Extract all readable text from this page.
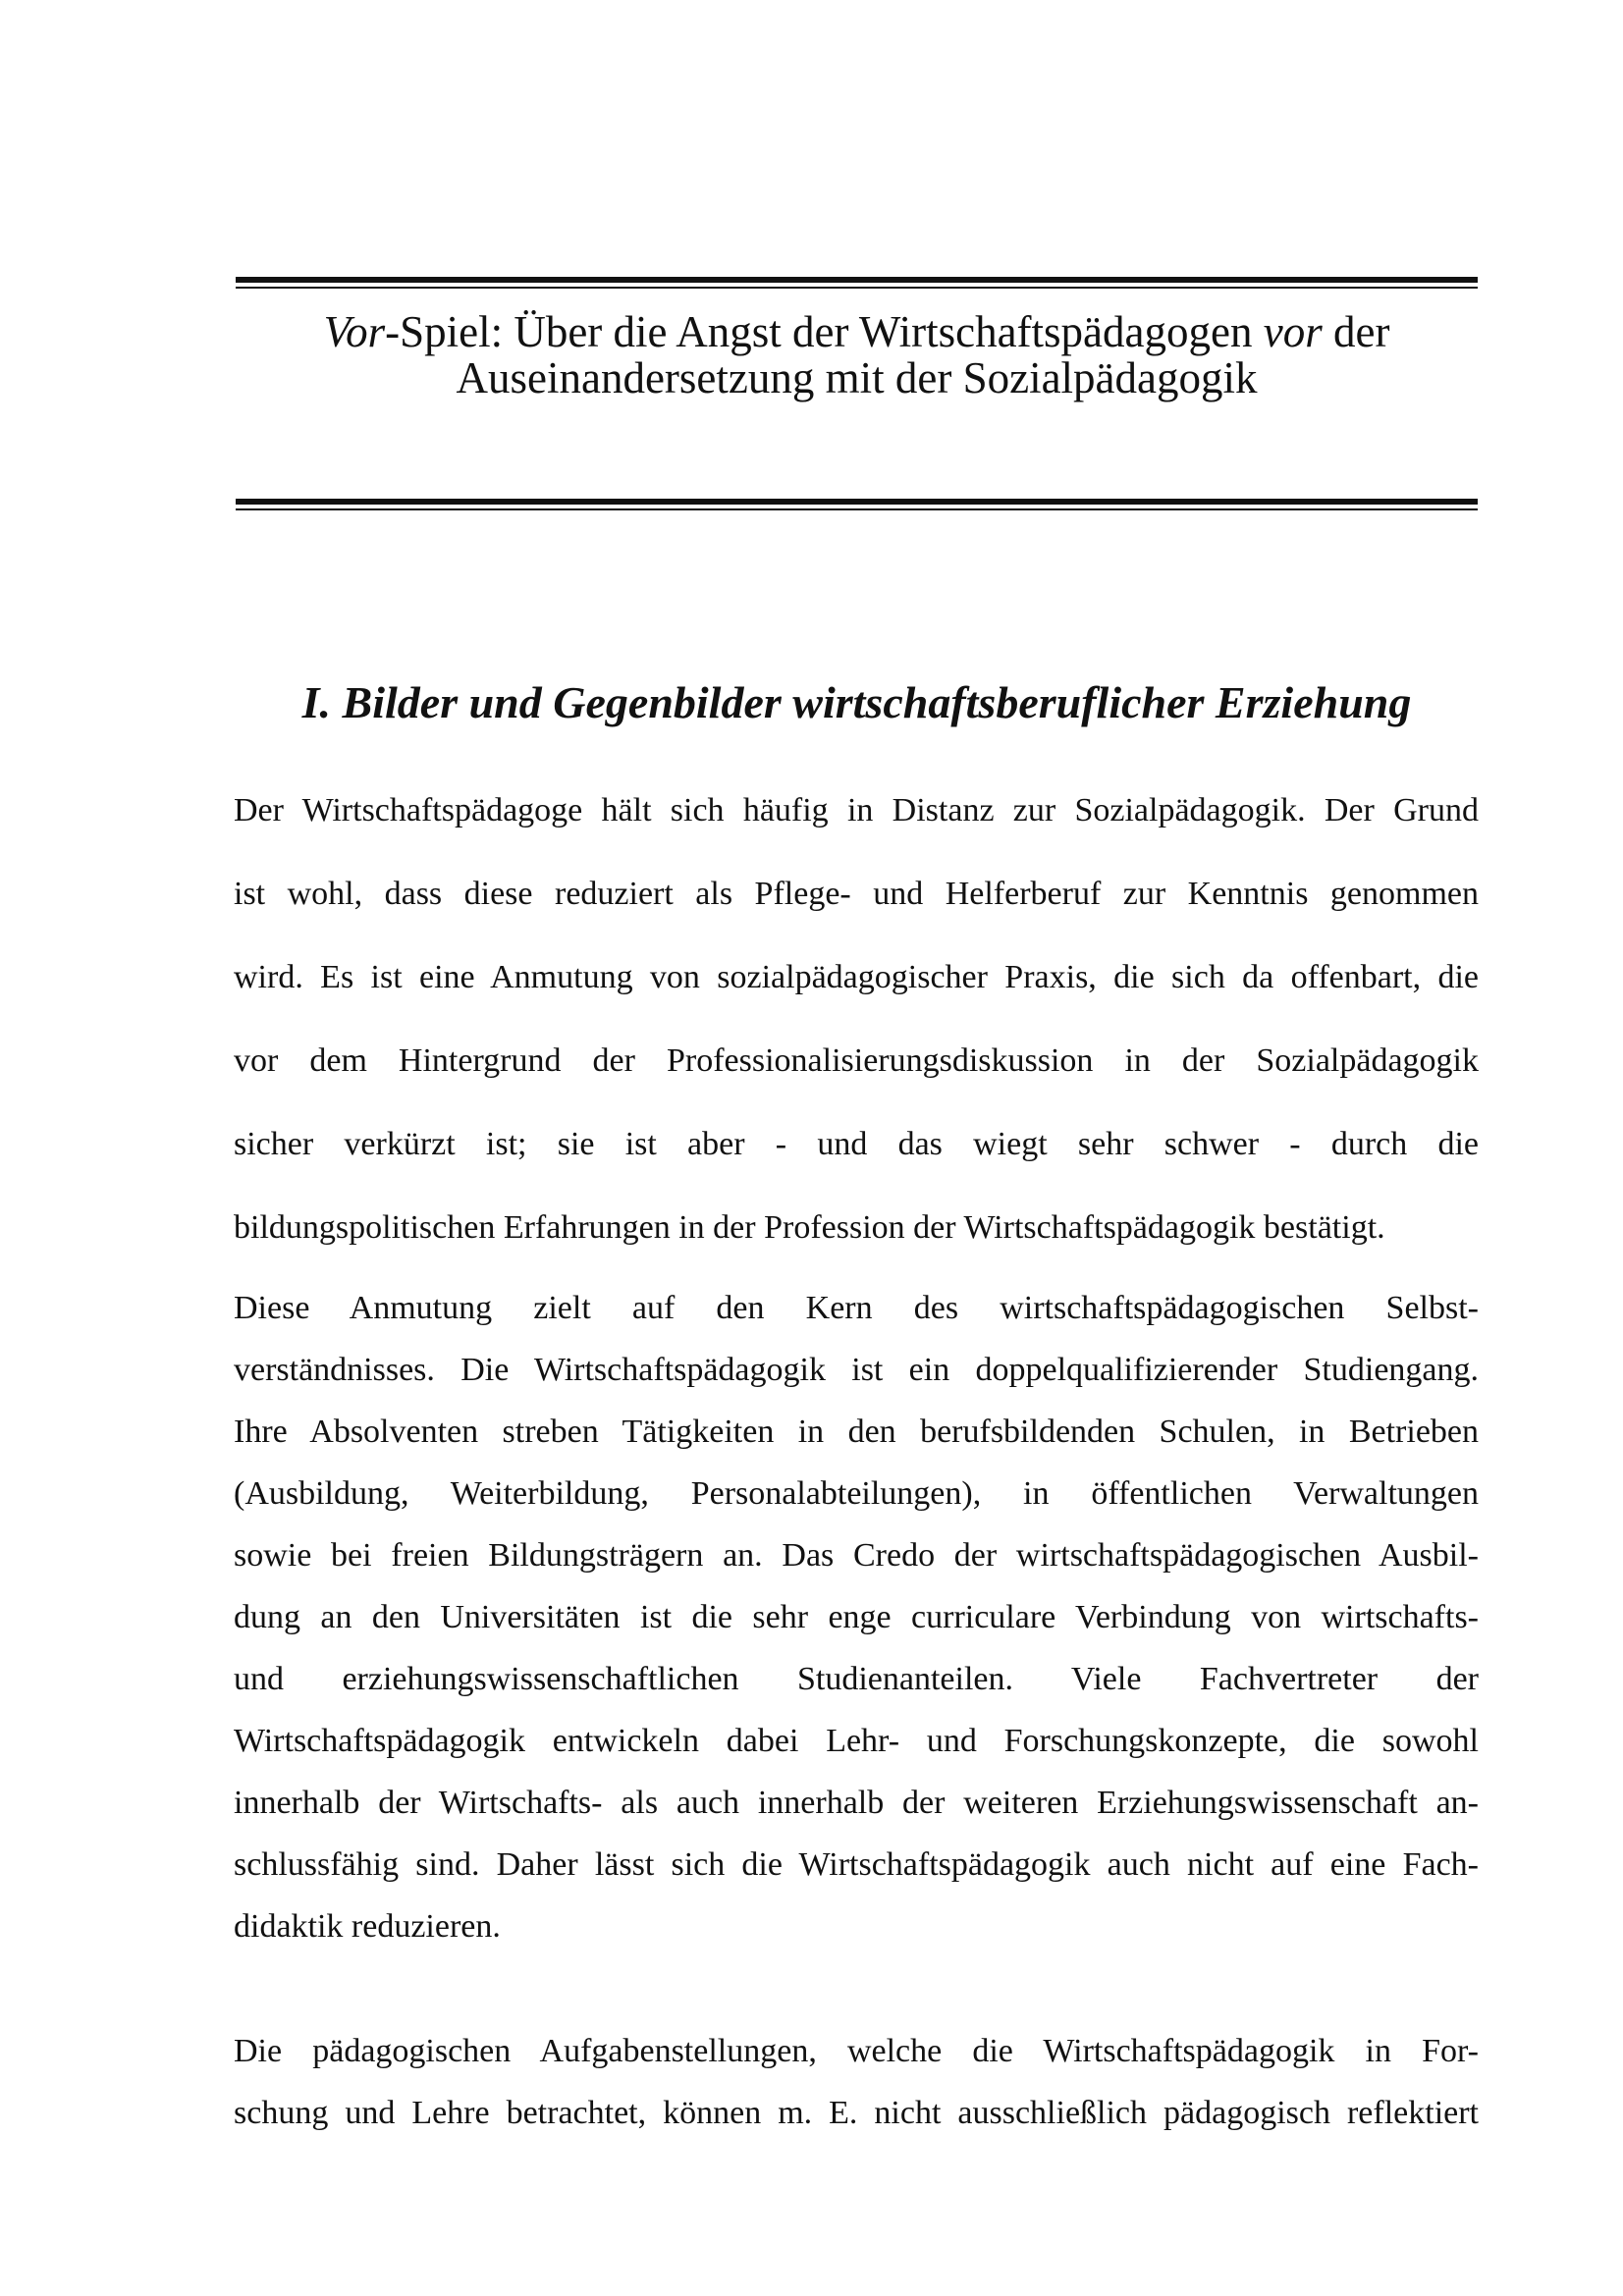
Vor-Spiel: Über die Angst der Wirtschaftspädagogen vor der
Auseinandersetzung mit der Sozialpädagogik
I. Bilder und Gegenbilder wirtschaftsberuflicher Erziehung

Der Wirtschaftspädagoge hält sich häufig in Distanz zur Sozialpädagogik. Der Grund
ist wohl, dass diese reduziert als Pflege- und Helferberuf zur Kenntnis genommen
wird. Es ist eine Anmutung von sozialpädagogischer Praxis, die sich da offenbart, die
vor dem Hintergrund der Professionalisierungsdiskussion in der Sozialpädagogik
sicher verkürzt ist; sie ist aber - und das wiegt sehr schwer - durch die
bildungspolitischen Erfahrungen in der Profession der Wirtschaftspädagogik bestätigt.

Diese Anmutung zielt auf den Kern des wirtschaftspädagogischen Selbst-
verständnisses. Die Wirtschaftspädagogik ist ein doppelqualifizierender Studiengang.
Ihre Absolventen streben Tätigkeiten in den berufsbildenden Schulen, in Betrieben
(Ausbildung, Weiterbildung, Personalabteilungen), in öffentlichen Verwaltungen
sowie bei freien Bildungsträgern an. Das Credo der wirtschaftspädagogischen Ausbil-
dung an den Universitäten ist die sehr enge curriculare Verbindung von wirtschafts-
und erziehungswissenschaftlichen Studienanteilen. Viele Fachvertreter der
Wirtschaftspädagogik entwickeln dabei Lehr- und Forschungskonzepte, die sowohl
innerhalb der Wirtschafts- als auch innerhalb der weiteren Erziehungswissenschaft an-
schlussfähig sind. Daher lässt sich die Wirtschaftspädagogik auch nicht auf eine Fach-
didaktik reduzieren.

Die pädagogischen Aufgabenstellungen, welche die Wirtschaftspädagogik in For-
schung und Lehre betrachtet, können m. E. nicht ausschließlich pädagogisch reflektiert
